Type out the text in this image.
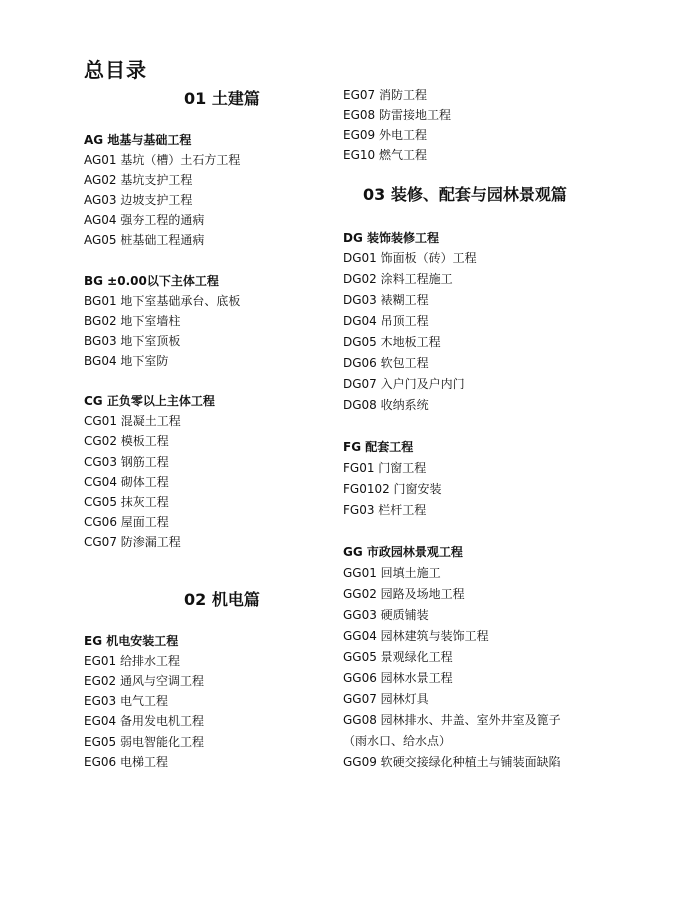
总目录
01 土建篇
AG 地基与基础工程
AG01 基坑（槽）土石方工程
AG02 基坑支护工程
AG03 边坡支护工程
AG04 强夯工程的通病
AG05 桩基础工程通病
BG ±0.00以下主体工程
BG01 地下室基础承台、底板
BG02 地下室墙柱
BG03 地下室顶板
BG04 地下室防
CG 正负零以上主体工程
CG01 混凝土工程
CG02 模板工程
CG03 钢筋工程
CG04 砌体工程
CG05 抹灰工程
CG06 屋面工程
CG07 防渗漏工程
02 机电篇
EG 机电安装工程
EG01 给排水工程
EG02 通风与空调工程
EG03 电气工程
EG04 备用发电机工程
EG05 弱电智能化工程
EG06 电梯工程
EG07 消防工程
EG08 防雷接地工程
EG09 外电工程
EG10 燃气工程
03 装修、配套与园林景观篇
DG 装饰装修工程
DG01 饰面板（砖）工程
DG02 涂料工程施工
DG03 裱糊工程
DG04 吊顶工程
DG05 木地板工程
DG06 软包工程
DG07 入户门及户内门
DG08 收纳系统
FG 配套工程
FG01 门窗工程
FG0102 门窗安装
FG03 栏杆工程
GG 市政园林景观工程
GG01 回填土施工
GG02 园路及场地工程
GG03 硬质铺装
GG04 园林建筑与装饰工程
GG05 景观绿化工程
GG06 园林水景工程
GG07 园林灯具
GG08 园林排水、井盖、室外井室及篦子
（雨水口、给水点）
GG09 软硬交接绿化种植土与铺装面缺陷
